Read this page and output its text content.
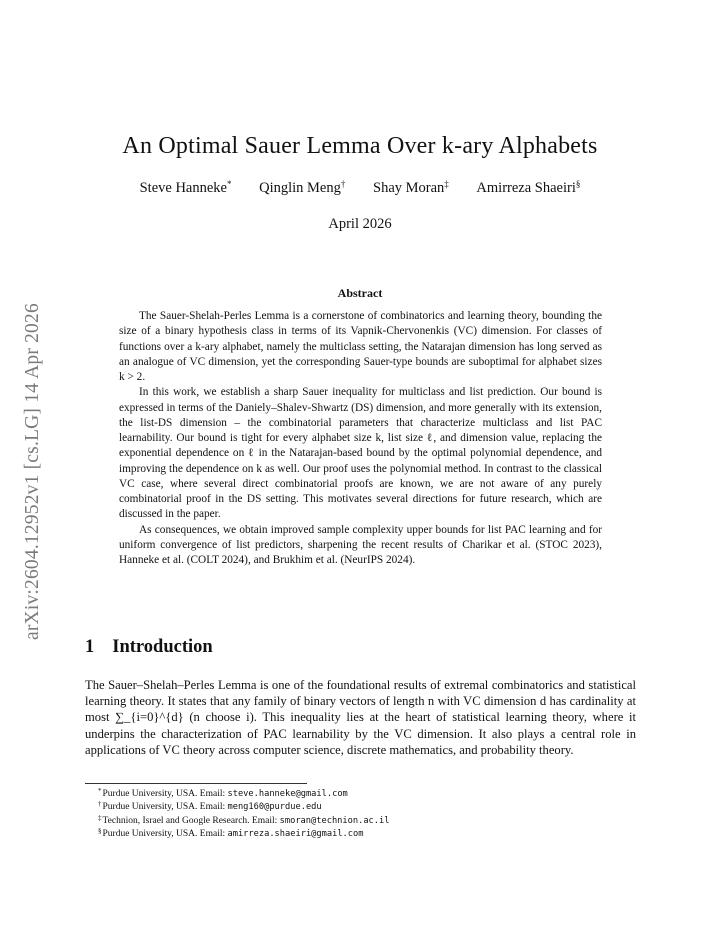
arXiv:2604.12952v1 [cs.LG] 14 Apr 2026
An Optimal Sauer Lemma Over k-ary Alphabets
Steve Hanneke* Qinglin Meng† Shay Moran‡ Amirreza Shaeiri§
April 2026
Abstract

The Sauer-Shelah-Perles Lemma is a cornerstone of combinatorics and learning theory, bounding the size of a binary hypothesis class in terms of its Vapnik-Chervonenkis (VC) dimension. For classes of functions over a k-ary alphabet, namely the multiclass setting, the Natarajan dimension has long served as an analogue of VC dimension, yet the corresponding Sauer-type bounds are suboptimal for alphabet sizes k > 2.

In this work, we establish a sharp Sauer inequality for multiclass and list prediction. Our bound is expressed in terms of the Daniely–Shalev-Shwartz (DS) dimension, and more generally with its extension, the list-DS dimension – the combinatorial parameters that characterize multiclass and list PAC learnability. Our bound is tight for every alphabet size k, list size ℓ, and dimension value, replacing the exponential dependence on ℓ in the Natarajan-based bound by the optimal polynomial dependence, and improving the dependence on k as well. Our proof uses the polynomial method. In contrast to the classical VC case, where several direct combinatorial proofs are known, we are not aware of any purely combinatorial proof in the DS setting. This motivates several directions for future research, which are discussed in the paper.

As consequences, we obtain improved sample complexity upper bounds for list PAC learning and for uniform convergence of list predictors, sharpening the recent results of Charikar et al. (STOC 2023), Hanneke et al. (COLT 2024), and Brukhim et al. (NeurIPS 2024).

1 Introduction

The Sauer–Shelah–Perles Lemma is one of the foundational results of extremal combinatorics and statistical learning theory. It states that any family of binary vectors of length n with VC dimension d has cardinality at most ∑_{i=0}^{d} (n choose i). This inequality lies at the heart of statistical learning theory, where it underpins the characterization of PAC learnability by the VC dimension. It also plays a central role in applications of VC theory across computer science, discrete mathematics, and probability theory.

*Purdue University, USA. Email: steve.hanneke@gmail.com
†Purdue University, USA. Email: meng160@purdue.edu
‡Technion, Israel and Google Research. Email: smoran@technion.ac.il
§Purdue University, USA. Email: amirreza.shaeiri@gmail.com
